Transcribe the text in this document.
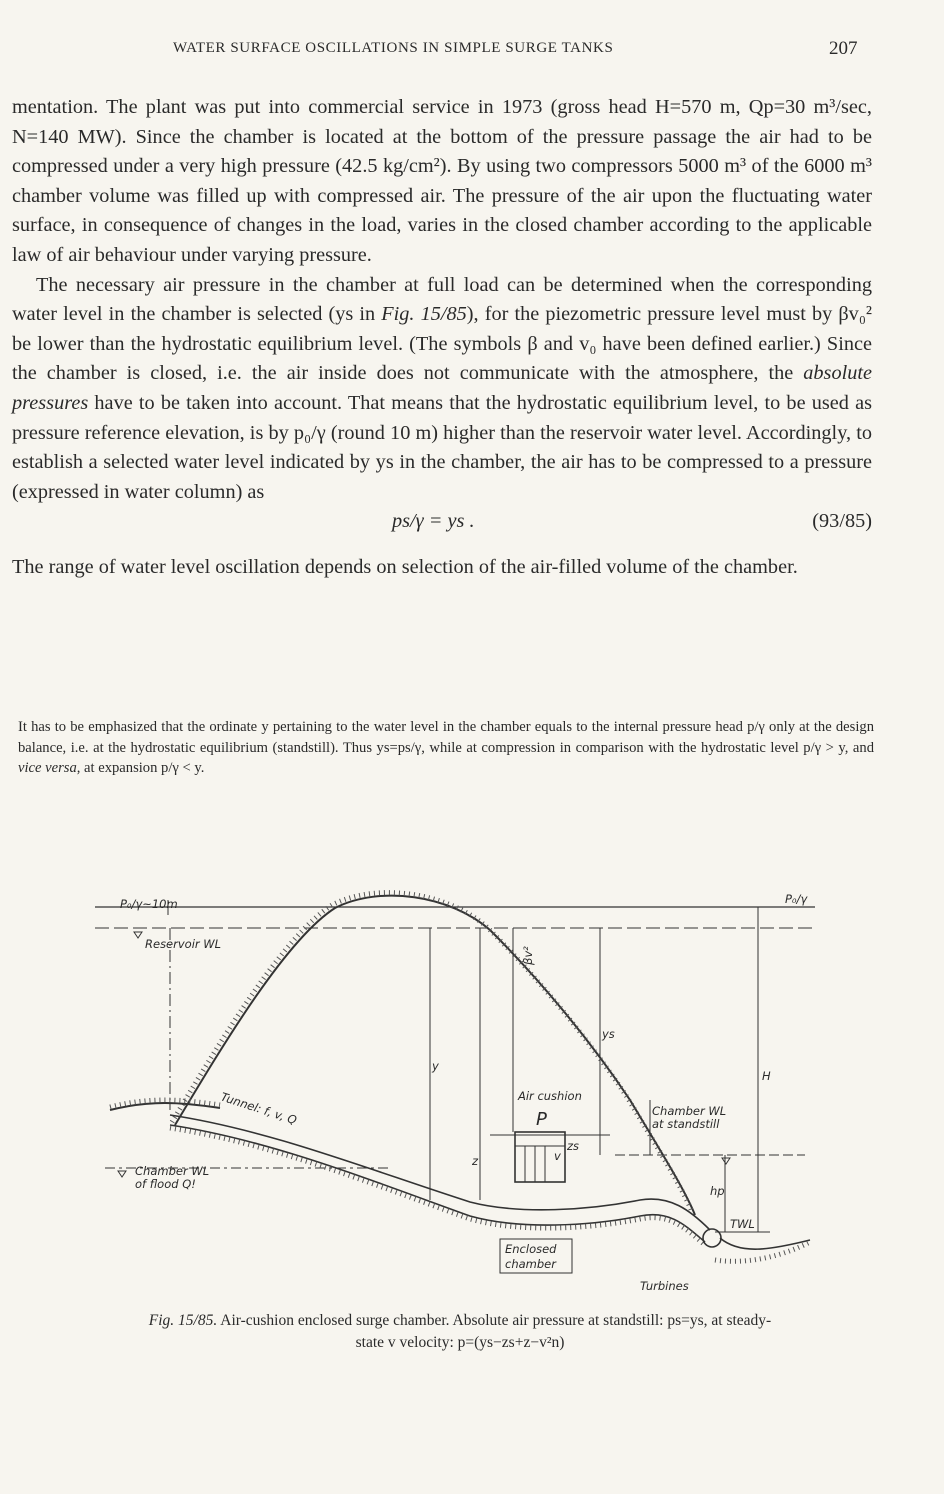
WATER SURFACE OSCILLATIONS IN SIMPLE SURGE TANKS	207

mentation. The plant was put into commercial service in 1973 (gross head H=570 m, Qp=30 m³/sec, N=140 MW). Since the chamber is located at the bottom of the pressure passage the air had to be compressed under a very high pressure (42.5 kg/cm²). By using two compressors 5000 m³ of the 6000 m³ chamber volume was filled up with compressed air. The pressure of the air upon the fluctuating water surface, in consequence of changes in the load, varies in the closed chamber according to the applicable law of air behaviour under varying pressure.

The necessary air pressure in the chamber at full load can be determined when the corresponding water level in the chamber is selected (ys in Fig. 15/85), for the piezometric pressure level must by βv₀² be lower than the hydrostatic equilibrium level. (The symbols β and v₀ have been defined earlier.) Since the chamber is closed, i.e. the air inside does not communicate with the atmosphere, the absolute pressures have to be taken into account. That means that the hydrostatic equilibrium level, to be used as pressure reference elevation, is by p₀/γ (round 10 m) higher than the reservoir water level. Accordingly, to establish a selected water level indicated by ys in the chamber, the air has to be compressed to a pressure (expressed in water column) as

ps/γ = ys .	(93/85)

The range of water level oscillation depends on selection of the air-filled volume of the chamber.

It has to be emphasized that the ordinate y pertaining to the water level in the chamber equals to the internal pressure head p/γ only at the design balance, i.e. at the hydrostatic equilibrium (standstill). Thus ys=ps/γ, while at compression in comparison with the hydrostatic level p/γ > y, and vice versa, at expansion p/γ < y.

P₀/γ~10m	P₀/γ
Reservoir WL
Tunnel: f, v, Q
Chamber WL
of flood Q!
Air cushion
P	Chamber WL
at standstill
Enclosed
chamber
Turbines
TWL
y
ys
z
zs
βv²
H
hp
v

Fig. 15/85. Air-cushion enclosed surge chamber. Absolute air pressure at standstill: ps=ys, at steady-

state v velocity: p=(ys−zs+z−v²n)
